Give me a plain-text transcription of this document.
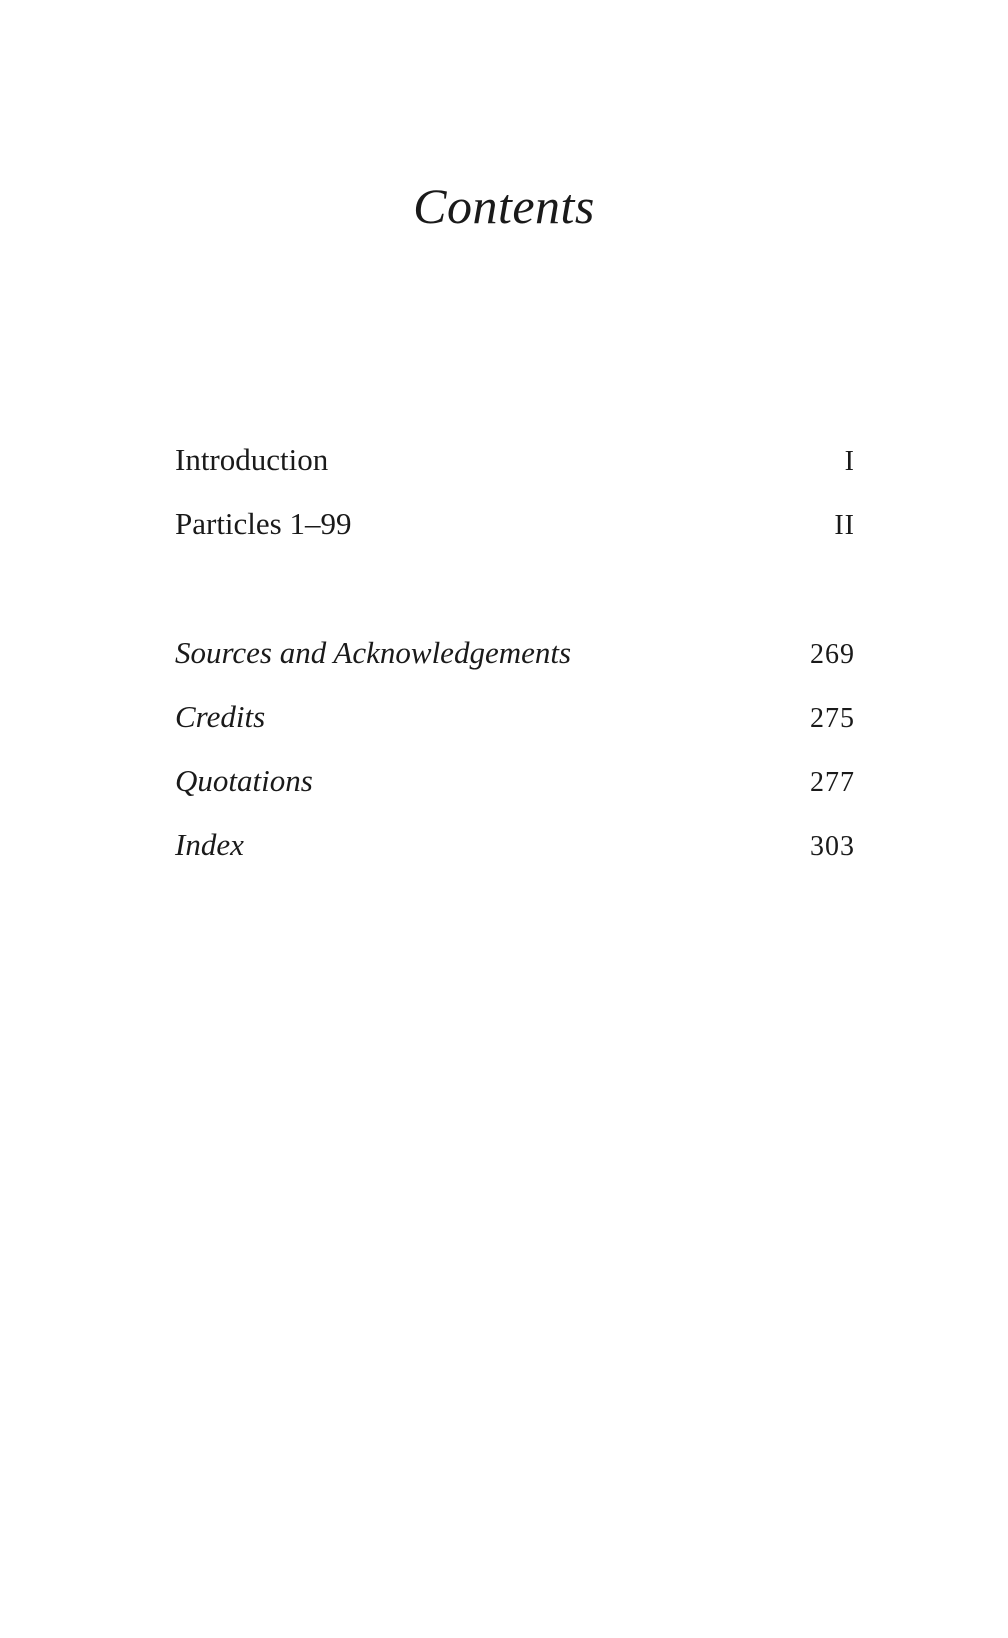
Contents
Introduction	I
Particles 1–99	II
Sources and Acknowledgements	269
Credits	275
Quotations	277
Index	303
